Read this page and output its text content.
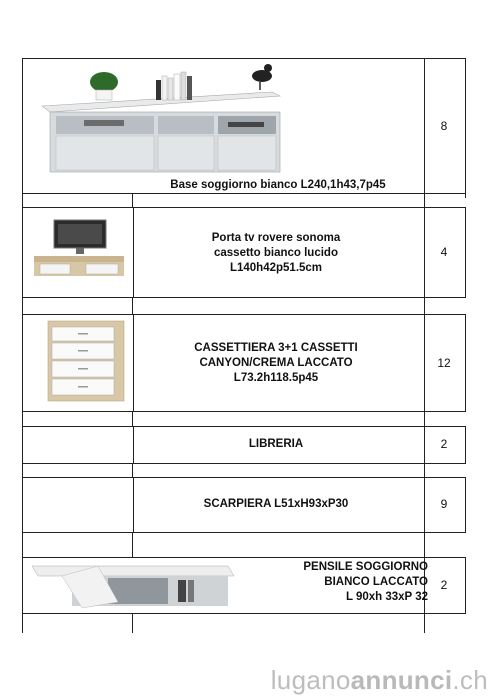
Base soggiorno bianco L240,1h43,7p45
8
Porta tv rovere sonoma
cassetto bianco lucido
L140h42p51.5cm
4
CASSETTIERA 3+1 CASSETTI
CANYON/CREMA LACCATO
L73.2h118.5p45
12
LIBRERIA	2
SCARPIERA L51xH93xP30	9
PENSILE SOGGIORNO
BIANCO LACCATO
L 90xh 33xP 32
2
luganoannunci.ch
